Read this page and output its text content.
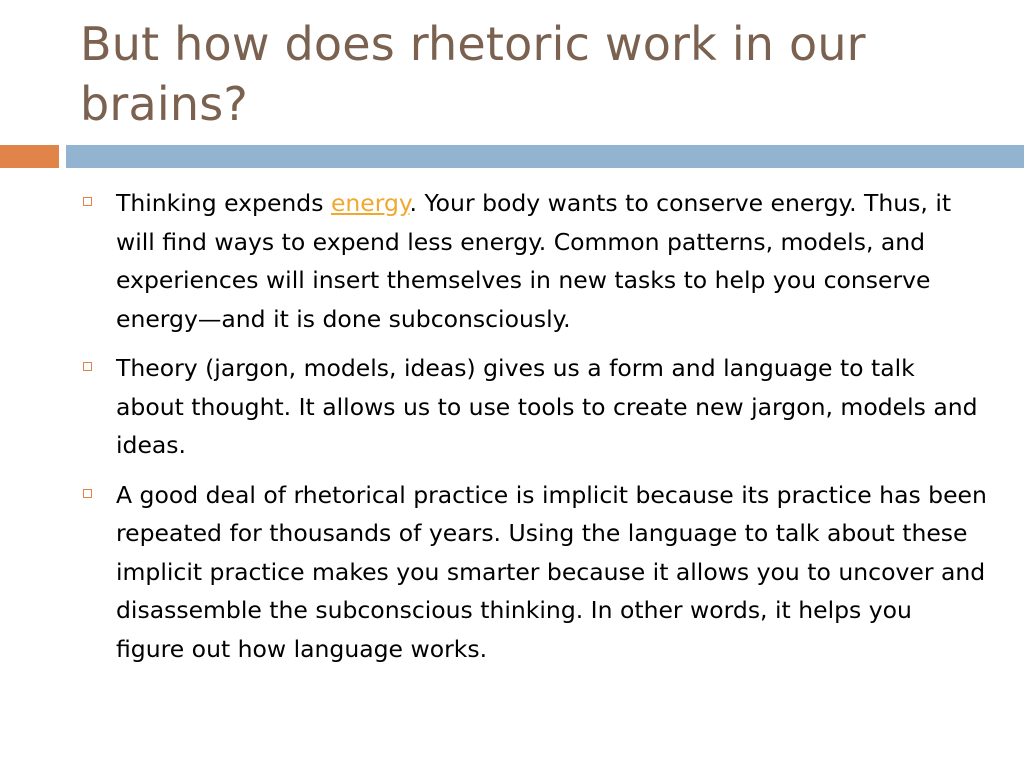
But how does rhetoric work in our brains?
Thinking expends energy. Your body wants to conserve energy. Thus, it will find ways to expend less energy. Common patterns, models, and experiences will insert themselves in new tasks to help you conserve energy—and it is done subconsciously.
Theory (jargon, models, ideas) gives us a form and language to talk about thought. It allows us to use tools to create new jargon, models and ideas.
A good deal of rhetorical practice is implicit because its practice has been repeated for thousands of years. Using the language to talk about these implicit practice makes you smarter because it allows you to uncover and disassemble the subconscious thinking. In other words, it helps you figure out how language works.
